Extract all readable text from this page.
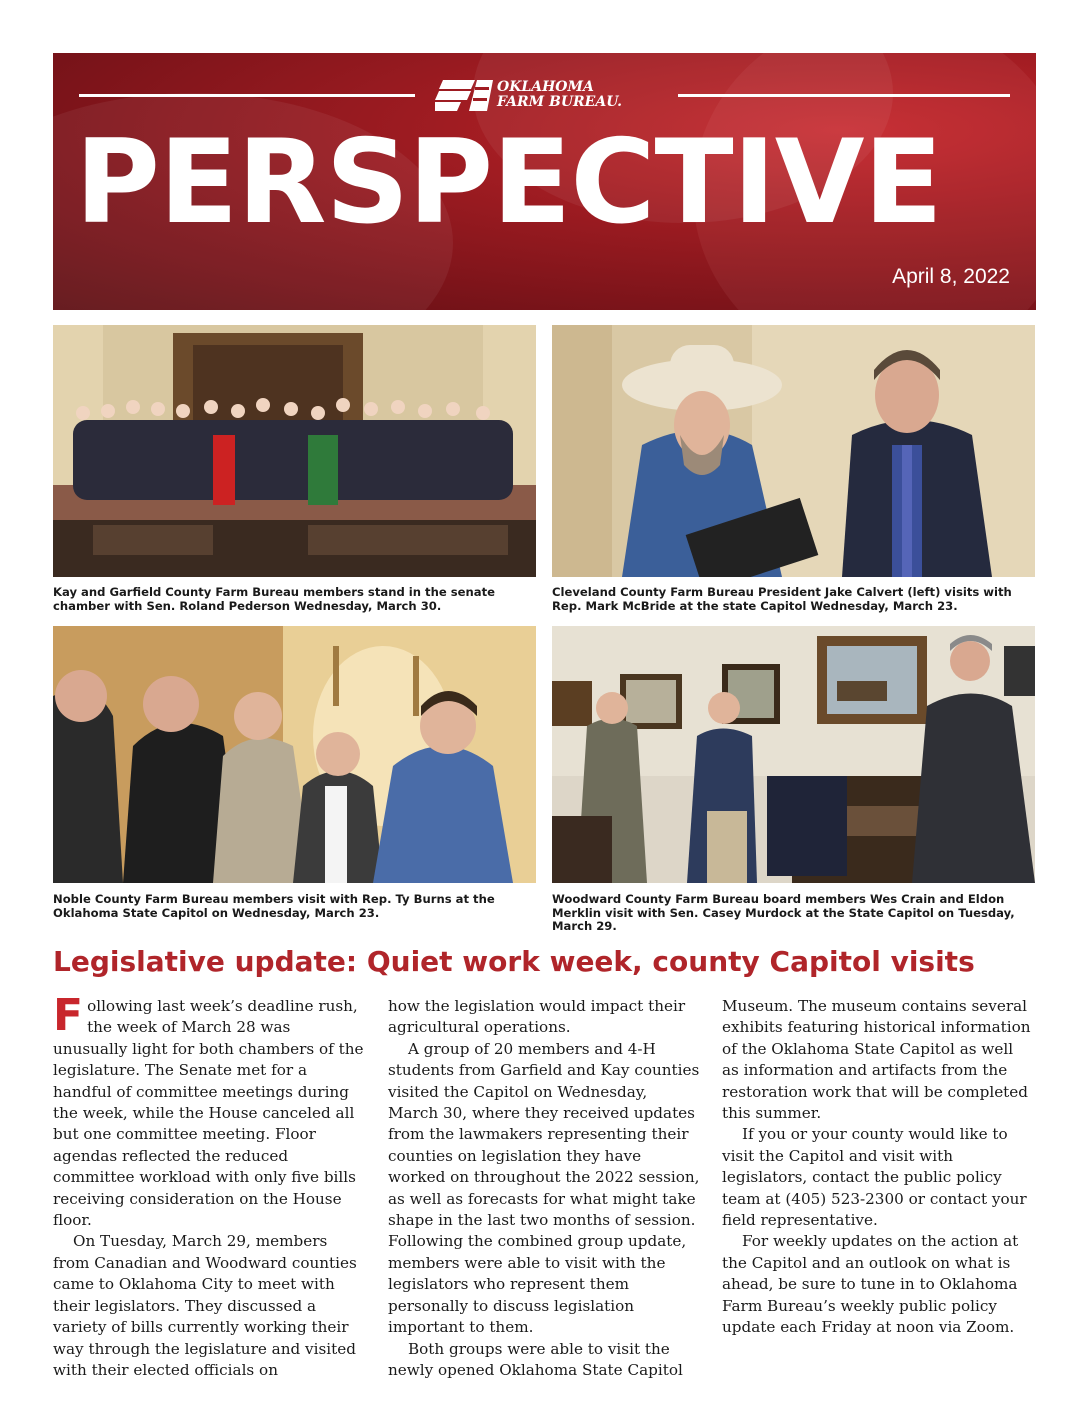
OKLAHOMA
FARM BUREAU.
PERSPECTIVE
April 8, 2022
Kay and Garfield County Farm Bureau members stand in the senate chamber with Sen. Roland Pederson Wednesday, March 30.
Cleveland County Farm Bureau President Jake Calvert (left) visits with Rep. Mark McBride at the state Capitol Wednesday, March 23.
Noble County Farm Bureau members visit with Rep. Ty Burns at the Oklahoma State Capitol on Wednesday, March 23.
Woodward County Farm Bureau board members Wes Crain and Eldon Merklin visit with Sen. Casey Murdock at the State Capitol on Tuesday, March 29.
Legislative update: Quiet work week, county Capitol visits

Following last week’s deadline rush, the week of March 28 was unusually light for both chambers of the legislature. The Senate met for a handful of committee meetings during the week, while the House canceled all but one committee meeting. Floor agendas reflected the reduced committee workload with only five bills receiving consideration on the House floor.

On Tuesday, March 29, members from Canadian and Woodward counties came to Oklahoma City to meet with their legislators. They discussed a variety of bills currently working their way through the legislature and visited with their elected officials on

how the legislation would impact their agricultural operations.

A group of 20 members and 4-H students from Garfield and Kay counties visited the Capitol on Wednesday, March 30, where they received updates from the lawmakers representing their counties on legislation they have worked on throughout the 2022 session, as well as forecasts for what might take shape in the last two months of session. Following the combined group update, members were able to visit with the legislators who represent them personally to discuss legislation important to them.

Both groups were able to visit the newly opened Oklahoma State Capitol

Museum. The museum contains several exhibits featuring historical information of the Oklahoma State Capitol as well as information and artifacts from the restoration work that will be completed this summer.

If you or your county would like to visit the Capitol and visit with legislators, contact the public policy team at (405) 523-2300 or contact your field representative.

For weekly updates on the action at the Capitol and an outlook on what is ahead, be sure to tune in to Oklahoma Farm Bureau’s weekly public policy update each Friday at noon via Zoom.
